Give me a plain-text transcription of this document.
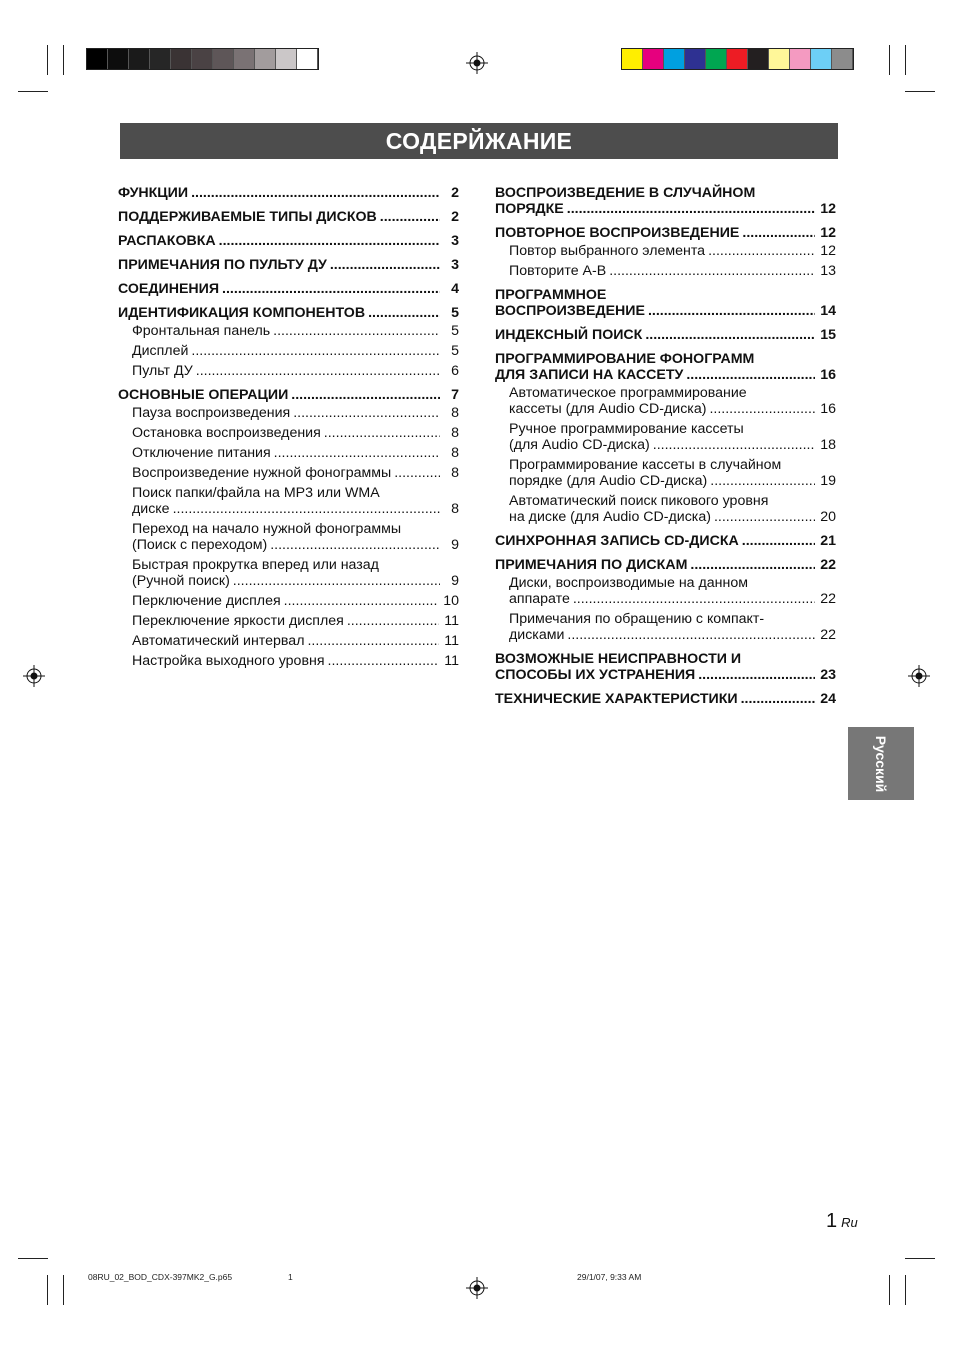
СОДЕРЙЖАНИЕ
ФУНКЦИИ .....	2
ПОДДЕРЖИВАЕМЫЕ ТИПЫ ДИСКОВ .....	2
РАСПАКОВКА .....	3
ПРИМЕЧАНИЯ ПО ПУЛЬТУ ДУ .....	3
СОЕДИНЕНИЯ .....	4
ИДЕНТИФИКАЦИЯ КОМПОНЕНТОВ .....	5
Фронтальная панель .....	5
Дисплей .....	5
Пульт ДУ .....	6
ОСНОВНЫЕ ОПЕРАЦИИ .....	7
Пауза воспроизведения .....	8
Остановка воспроизведения .....	8
Отключение питания .....	8
Воспроизведение нужной фонограммы .....	8
Поиск папки/файла на MP3 или WMA
диске .....	8
Переход на начало нужной фонограммы
(Поиск с переходом) .....	9
Быстрая прокрутка вперед или назад
(Ручной поиск) .....	9
Перключение дисплея .....	10
Переключение яркости дисплея .....	11
Автоматический интервал .....	11
Настройка выходного уровня .....	11
ВОСПРОИЗВЕДЕНИЕ В СЛУЧАЙНОМ
ПОРЯДКЕ .....	12
ПОВТОРНОЕ ВОСПРОИЗВЕДЕНИЕ .....	12
Повтор выбранного элемента .....	12
Повторите A-B .....	13
ПРОГРАММНОЕ
ВОСПРОИЗВЕДЕНИЕ .....	14
ИНДЕКСНЫЙ ПОИСК .....	15
ПРОГРАММИРОВАНИЕ ФОНОГРАММ
ДЛЯ ЗАПИСИ НА КАССЕТУ .....	16
Автоматическое программирование
кассеты (для Audio CD-диска) .....	16
Ручное программирование кассеты
(для Audio CD-диска) .....	18
Программирование кассеты в случайном
порядке (для Audio CD-диска) .....	19
Автоматический поиск пикового уровня
на диске (для Audio CD-диска) .....	20
СИНХРОННАЯ ЗАПИСЬ CD-ДИСКА .....	21
ПРИМЕЧАНИЯ ПО ДИСКАМ .....	22
Диски, воспроизводимые на данном
аппарате .....	22
Примечания по обращению с компакт-
дисками .....	22
ВОЗМОЖНЫЕ НЕИСПРАВНОСТИ И
СПОСОБЫ ИХ УСТРАНЕНИЯ .....	23
ТЕХНИЧЕСКИЕ ХАРАКТЕРИСТИКИ .....	24
Русский
1 Ru
08RU_02_BOD_CDX-397MK2_G.p65	1	29/1/07, 9:33 AM
